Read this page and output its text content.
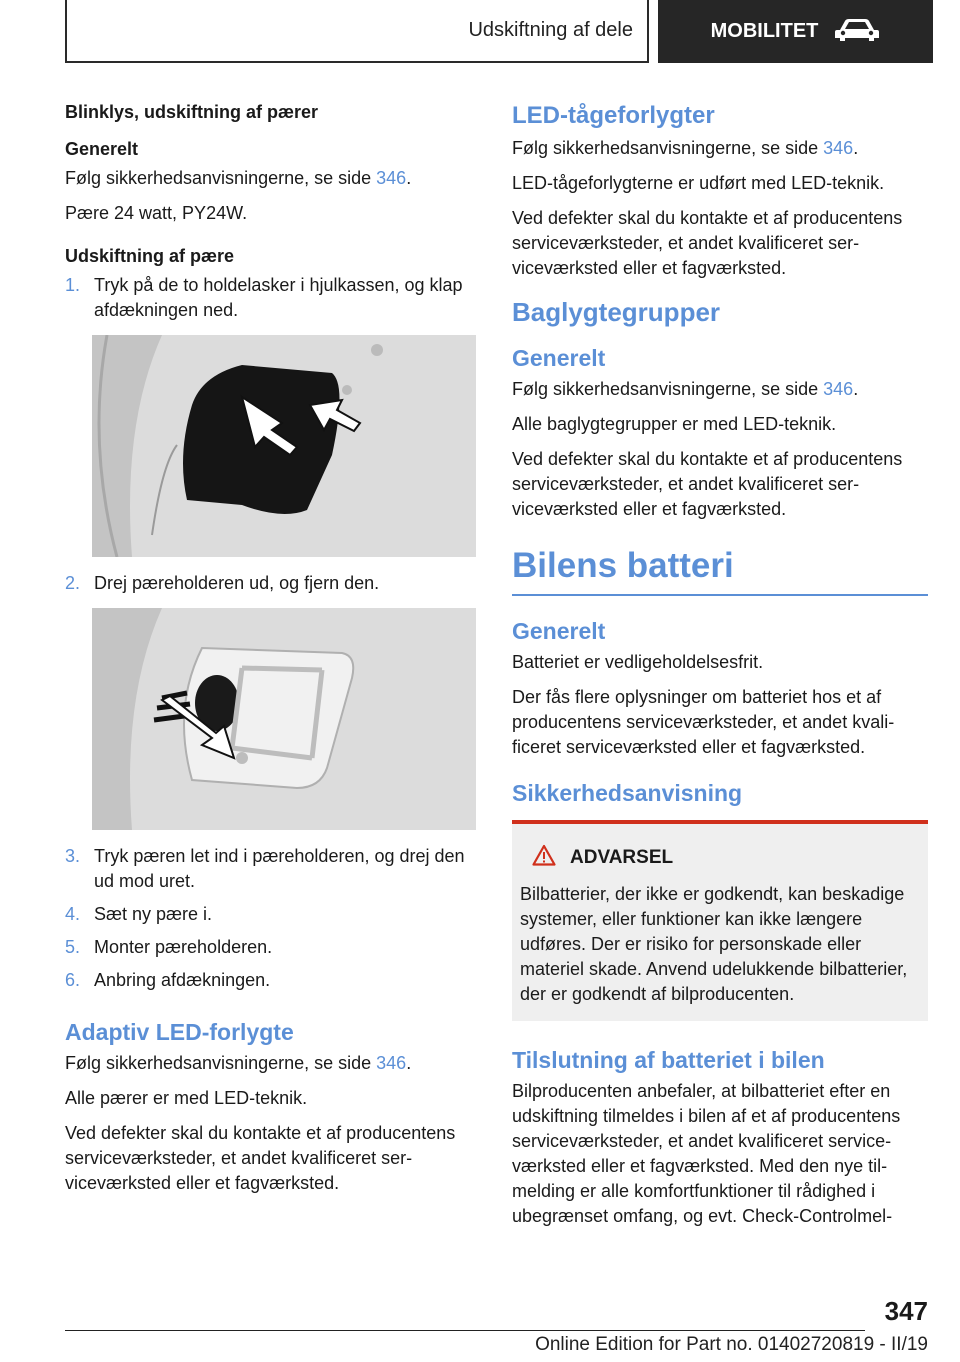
Udskiftning af dele	MOBILITET
Blinklys, udskiftning af pærer
Generelt

Følg sikkerhedsanvisningerne, se side 346.

Pære 24 watt, PY24W.

Udskiftning af pære
1. Tryk på de to holdelasker i hjulkassen, og klap afdækningen ned.
2. Drej pæreholderen ud, og fjern den.
3. Tryk pæren let ind i pæreholderen, og drej den ud mod uret.
4. Sæt ny pære i.
5. Monter pæreholderen.
6. Anbring afdækningen.
Adaptiv LED-forlygte

Følg sikkerhedsanvisningerne, se side 346.

Alle pærer er med LED-teknik.

Ved defekter skal du kontakte et af producentens serviceværksteder, et andet kvalificeret serviceværksted eller et fagværksted.

LED-tågeforlygter

Følg sikkerhedsanvisningerne, se side 346.

LED-tågeforlygterne er udført med LED-teknik.

Ved defekter skal du kontakte et af producentens serviceværksteder, et andet kvalificeret serviceværksted eller et fagværksted.

Baglygtegrupper
Generelt

Følg sikkerhedsanvisningerne, se side 346.

Alle baglygtegrupper er med LED-teknik.

Ved defekter skal du kontakte et af producentens serviceværksteder, et andet kvalificeret serviceværksted eller et fagværksted.

Bilens batteri
Generelt

Batteriet er vedligeholdelsesfrit.

Der fås flere oplysninger om batteriet hos et af producentens serviceværksteder, et andet kvalificeret serviceværksted eller et fagværksted.

Sikkerhedsanvisning
ADVARSEL

Bilbatterier, der ikke er godkendt, kan beskadige systemer, eller funktioner kan ikke længere udføres. Der er risiko for personskade eller materiel skade. Anvend udelukkende bilbatterier, der er godkendt af bilproducenten.

Tilslutning af batteriet i bilen

Bilproducenten anbefaler, at bilbatteriet efter en udskiftning tilmeldes i bilen af et af producentens serviceværksteder, et andet kvalificeret serviceværksted eller et fagværksted. Med den nye tilmelding er alle komfortfunktioner til rådighed i ubegrænset omfang, og evt. Check-Controlmel-

347
Online Edition for Part no. 01402720819 - II/19
